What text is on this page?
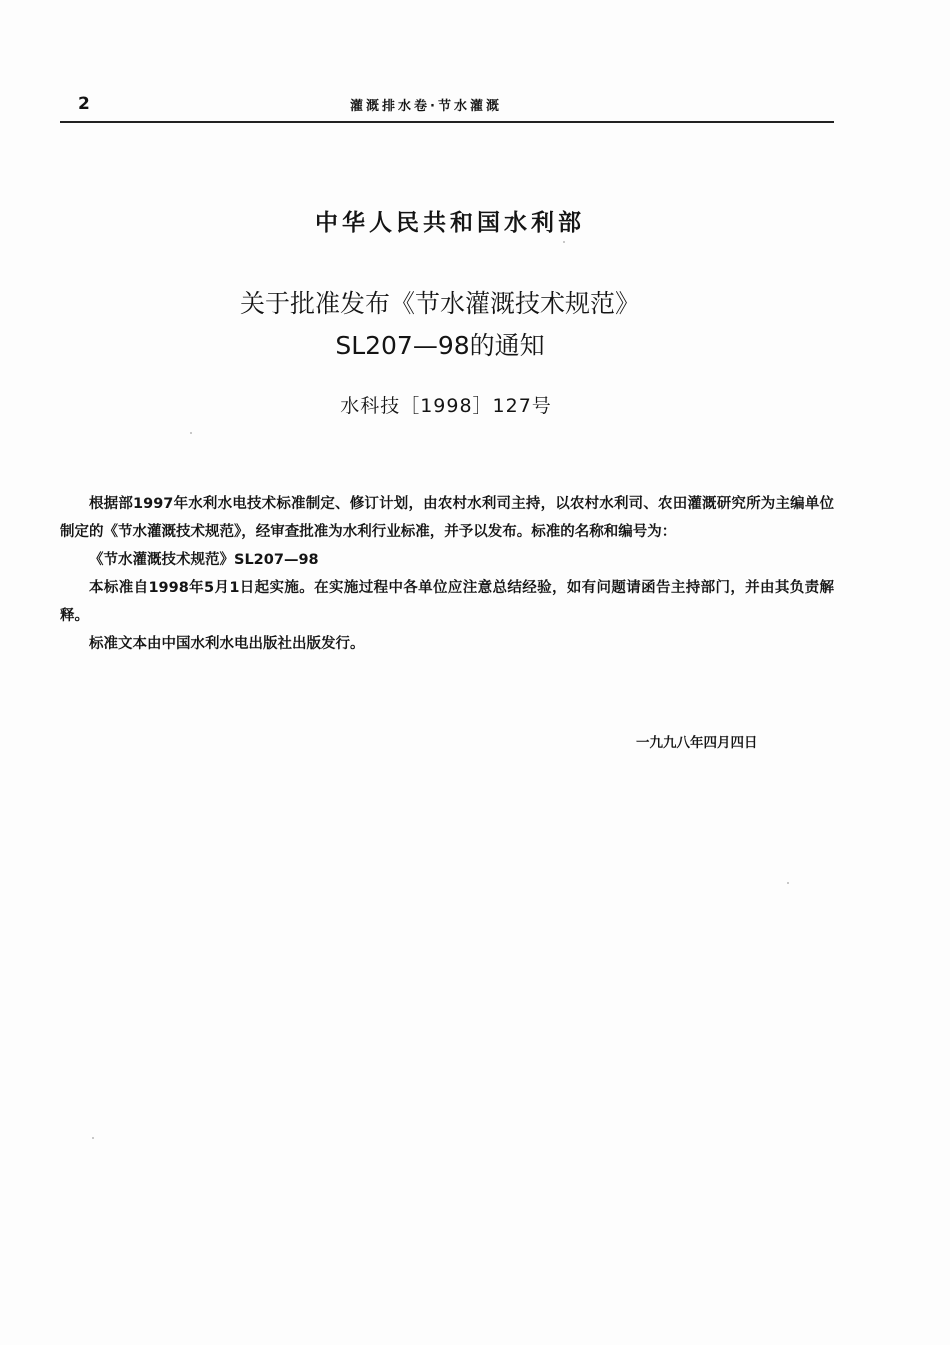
2	灌溉排水卷·节水灌溉
中华人民共和国水利部
关于批准发布《节水灌溉技术规范》
SL207—98的通知
水科技［1998］127号

根据部1997年水利水电技术标准制定、修订计划，由农村水利司主持，以农村水利司、农田灌溉研究所为主编单位制定的《节水灌溉技术规范》，经审查批准为水利行业标准，并予以发布。标准的名称和编号为：

《节水灌溉技术规范》SL207—98

本标准自1998年5月1日起实施。在实施过程中各单位应注意总结经验，如有问题请函告主持部门，并由其负责解释。

标准文本由中国水利水电出版社出版发行。

一九九八年四月四日
